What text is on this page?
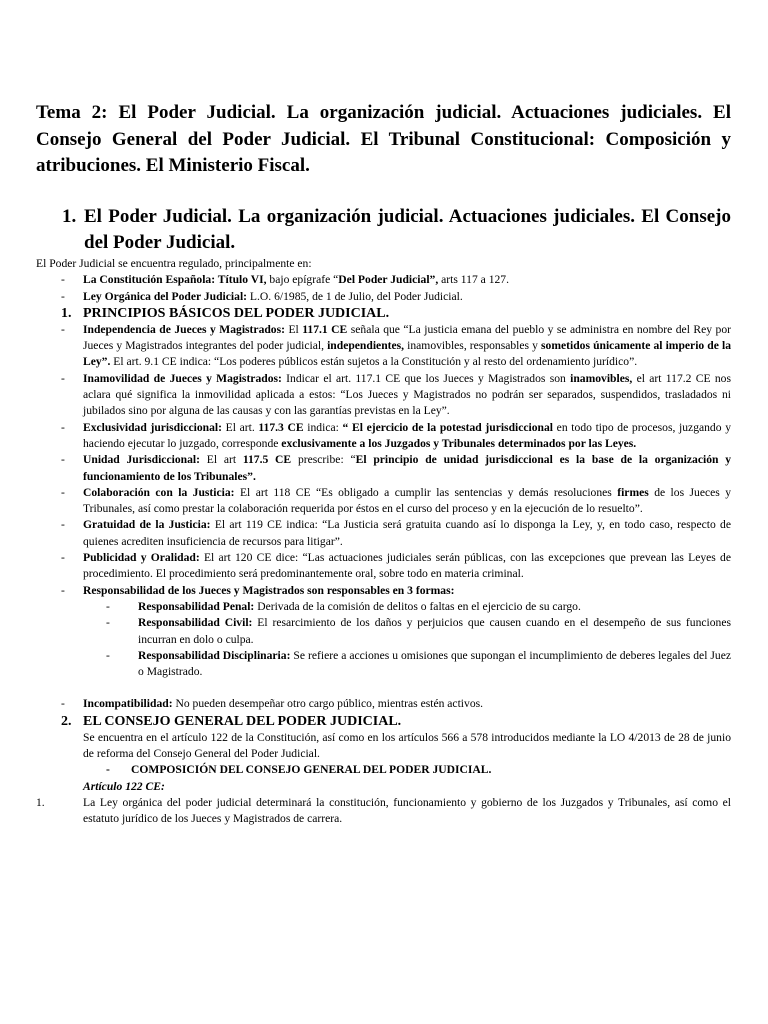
Tema 2: El Poder Judicial. La organización judicial. Actuaciones judiciales. El Consejo General del Poder Judicial. El Tribunal Constitucional: Composición y atribuciones. El Ministerio Fiscal.
1. El Poder Judicial. La organización judicial. Actuaciones judiciales. El Consejo del Poder Judicial.

El Poder Judicial se encuentra regulado, principalmente en:

- La Constitución Española: Título VI, bajo epígrafe “Del Poder Judicial”, arts 117 a 127.
- Ley Orgánica del Poder Judicial: L.O. 6/1985, de 1 de Julio, del Poder Judicial.
1. PRINCIPIOS BÁSICOS DEL PODER JUDICIAL.
- Independencia de Jueces y Magistrados: El 117.1 CE señala que “La justicia emana del pueblo y se administra en nombre del Rey por Jueces y Magistrados integrantes del poder judicial, independientes, inamovibles, responsables y sometidos únicamente al imperio de la Ley”. El art. 9.1 CE indica: “Los poderes públicos están sujetos a la Constitución y al resto del ordenamiento jurídico”.
- Inamovilidad de Jueces y Magistrados: Indicar el art. 117.1 CE que los Jueces y Magistrados son inamovibles, el art 117.2 CE nos aclara qué significa la inmovilidad aplicada a estos: “Los Jueces y Magistrados no podrán ser separados, suspendidos, trasladados ni jubilados sino por alguna de las causas y con las garantías previstas en la Ley”.
- Exclusividad jurisdiccional: El art. 117.3 CE indica: “ El ejercicio de la potestad jurisdiccional en todo tipo de procesos, juzgando y haciendo ejecutar lo juzgado, corresponde exclusivamente a los Juzgados y Tribunales determinados por las Leyes.
- Unidad Jurisdiccional: El art 117.5 CE prescribe: “El principio de unidad jurisdiccional es la base de la organización y funcionamiento de los Tribunales”.
- Colaboración con la Justicia: El art 118 CE “Es obligado a cumplir las sentencias y demás resoluciones firmes de los Jueces y Tribunales, así como prestar la colaboración requerida por éstos en el curso del proceso y en la ejecución de lo resuelto”.
- Gratuidad de la Justicia: El art 119 CE indica: “La Justicia será gratuita cuando así lo disponga la Ley, y, en todo caso, respecto de quienes acrediten insuficiencia de recursos para litigar”.
- Publicidad y Oralidad: El art 120 CE dice: “Las actuaciones judiciales serán públicas, con las excepciones que prevean las Leyes de procedimiento. El procedimiento será predominantemente oral, sobre todo en materia criminal.
- Responsabilidad de los Jueces y Magistrados son responsables en 3 formas:
- Responsabilidad Penal: Derivada de la comisión de delitos o faltas en el ejercicio de su cargo.
- Responsabilidad Civil: El resarcimiento de los daños y perjuicios que causen cuando en el desempeño de sus funciones incurran en dolo o culpa.
- Responsabilidad Disciplinaria: Se refiere a acciones u omisiones que supongan el incumplimiento de deberes legales del Juez o Magistrado.
- Incompatibilidad: No pueden desempeñar otro cargo público, mientras estén activos.
2. EL CONSEJO GENERAL DEL PODER JUDICIAL.
Se encuentra en el artículo 122 de la Constitución, así como en los artículos 566 a 578 introducidos mediante la LO 4/2013 de 28 de junio de reforma del Consejo General del Poder Judicial.
- COMPOSICIÓN DEL CONSEJO GENERAL DEL PODER JUDICIAL.
Artículo 122 CE:
1.	La Ley orgánica del poder judicial determinará la constitución, funcionamiento y gobierno de los Juzgados y Tribunales, así como el estatuto jurídico de los Jueces y Magistrados de carrera.
